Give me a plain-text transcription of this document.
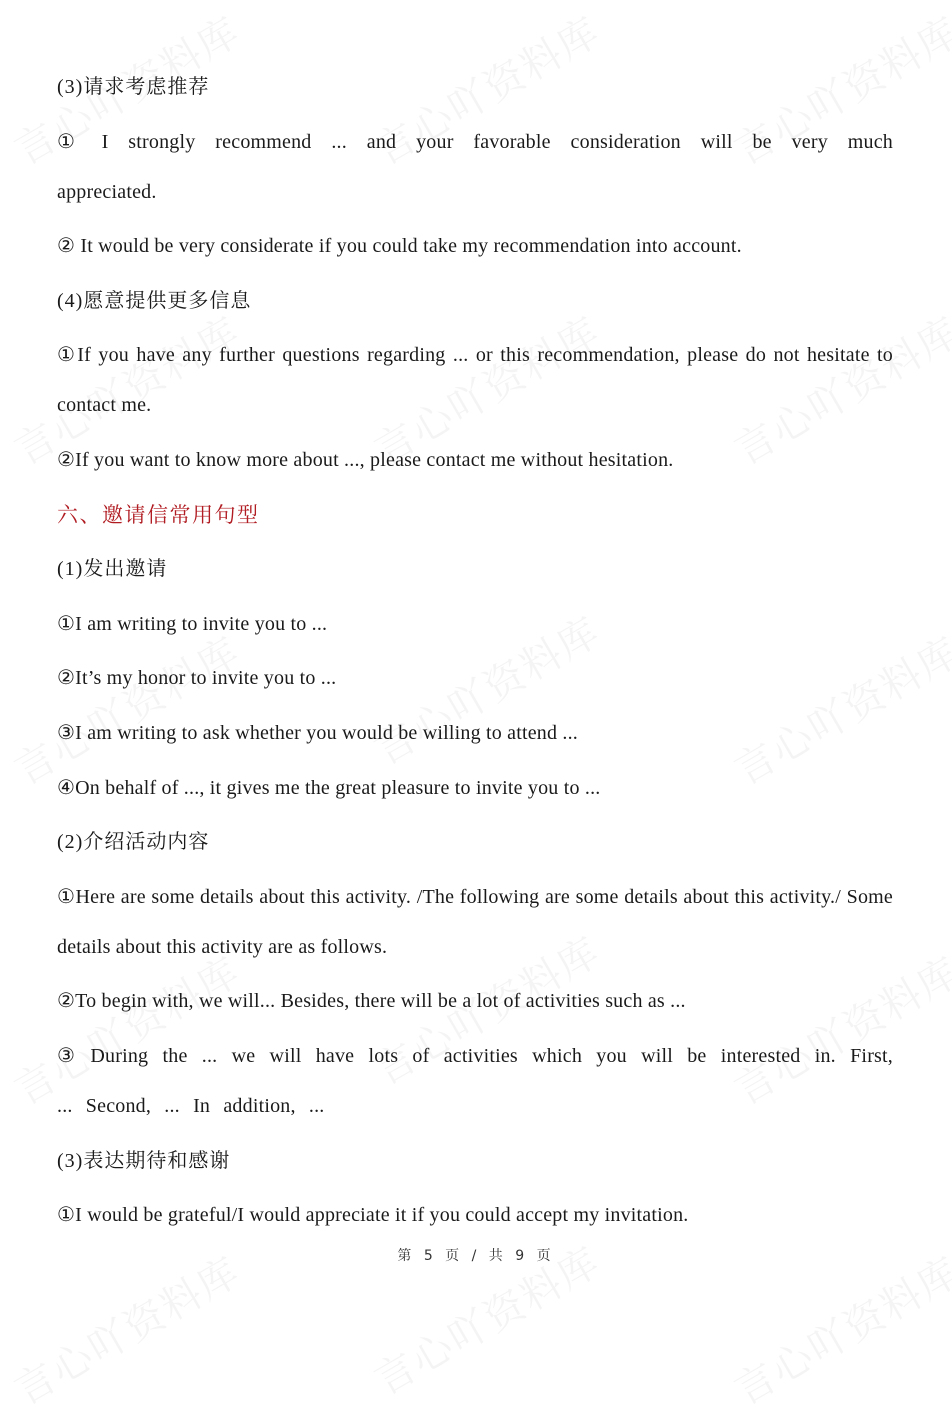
(3)请求考虑推荐
① I strongly recommend ... and your favorable consideration will be very much appreciated.
② It would be very considerate if you could take my recommendation into account.
(4)愿意提供更多信息
①If you have any further questions regarding ... or this recommendation, please do not hesitate to contact me.
②If you want to know more about ..., please contact me without hesitation.
六、邀请信常用句型
(1)发出邀请
①I am writing to invite you to ...
②It’s my honor to invite you to ...
③I am writing to ask whether you would be willing to attend ...
④On behalf of ..., it gives me the great pleasure to invite you to ...
(2)介绍活动内容
①Here are some details about this activity. /The following are some details about this activity./ Some details about this activity are as follows.
②To begin with, we will... Besides, there will be a lot of activities such as ...
③ During the ... we will have lots of activities which you will be interested in. First, ... Second, ... In addition, ...
(3)表达期待和感谢
①I would be grateful/I would appreciate it if you could accept my invitation.
第 5 页 / 共 9 页
